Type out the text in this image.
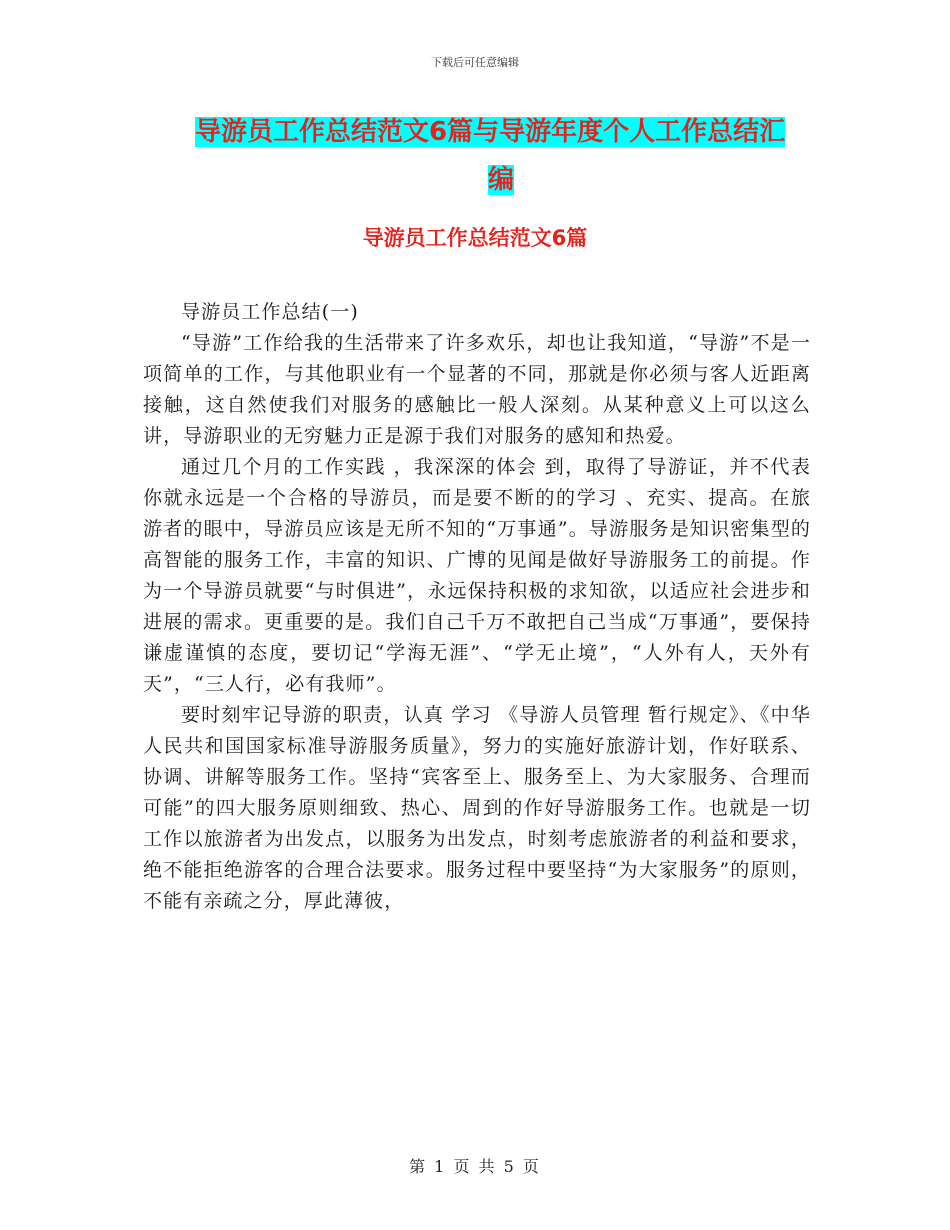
下载后可任意编辑
导游员工作总结范文6篇与导游年度个人工作总结汇
编
导游员工作总结范文6篇

导游员工作总结(一)

“导游”工作给我的生活带来了许多欢乐，却也让我知道，“导游”不是一项简单的工作，与其他职业有一个显著的不同，那就是你必须与客人近距离接触，这自然使我们对服务的感触比一般人深刻。从某种意义上可以这么讲，导游职业的无穷魅力正是源于我们对服务的感知和热爱。

通过几个月的工作实践 ，我深深的体会 到，取得了导游证，并不代表你就永远是一个合格的导游员，而是要不断的的学习 、充实、提高。在旅游者的眼中，导游员应该是无所不知的“万事通”。导游服务是知识密集型的高智能的服务工作，丰富的知识、广博的见闻是做好导游服务工的前提。作为一个导游员就要“与时俱进”，永远保持积极的求知欲，以适应社会进步和进展的需求。更重要的是。我们自己千万不敢把自己当成“万事通”，要保持谦虚谨慎的态度，要切记“学海无涯”、“学无止境”，“人外有人，天外有天”，“三人行，必有我师”。

要时刻牢记导游的职责，认真 学习 《导游人员管理 暂行规定》、《中华人民共和国国家标准导游服务质量》，努力的实施好旅游计划，作好联系、协调、讲解等服务工作。坚持“宾客至上、服务至上、为大家服务、合理而可能”的四大服务原则细致、热心、周到的作好导游服务工作。也就是一切工作以旅游者为出发点，以服务为出发点，时刻考虑旅游者的利益和要求，绝不能拒绝游客的合理合法要求。服务过程中要坚持“为大家服务”的原则，不能有亲疏之分，厚此薄彼，

第 1 页 共 5 页
